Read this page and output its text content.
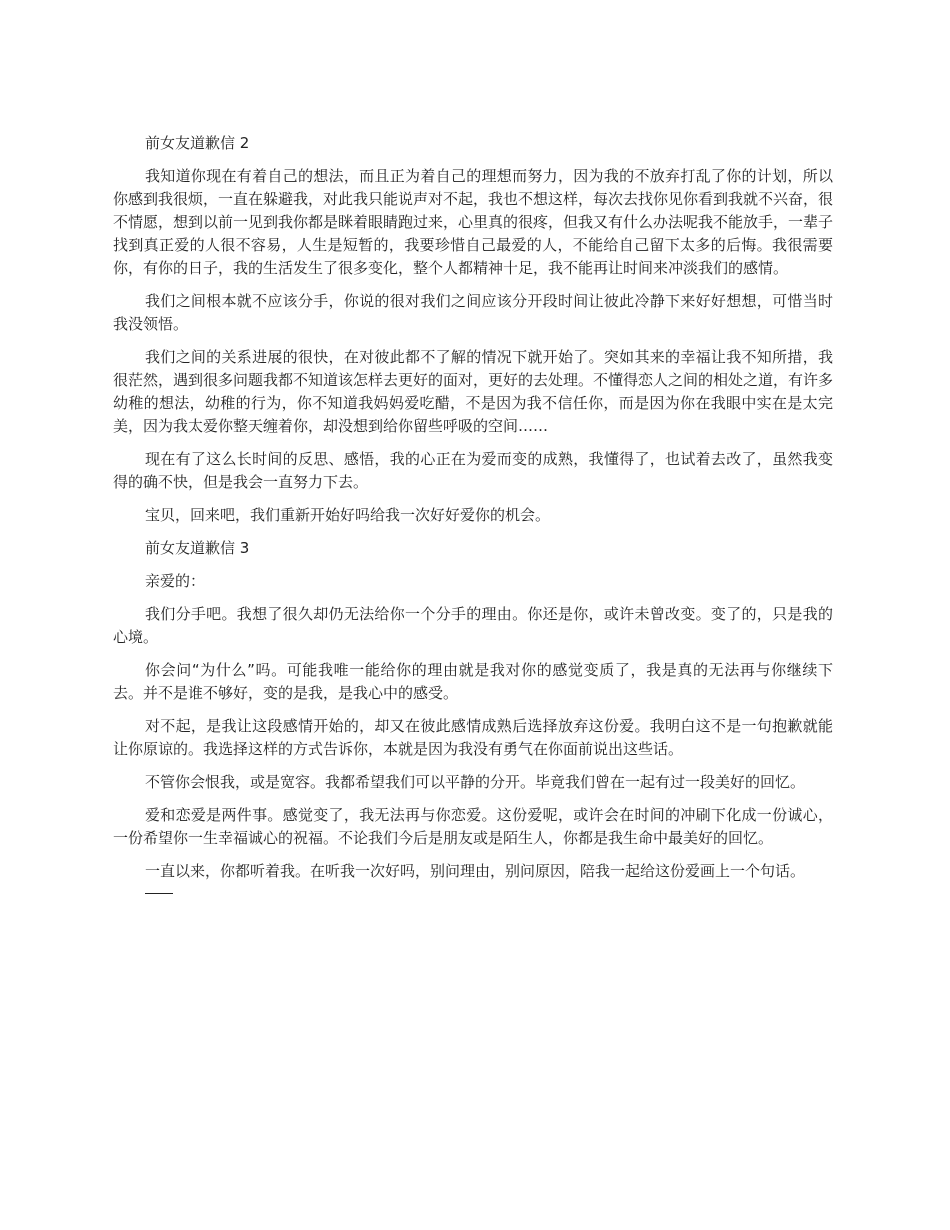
前女友道歉信 2

我知道你现在有着自己的想法，而且正为着自己的理想而努力，因为我的不放弃打乱了你的计划，所以你感到我很烦，一直在躲避我，对此我只能说声对不起，我也不想这样，每次去找你见你看到我就不兴奋，很不情愿，想到以前一见到我你都是眯着眼睛跑过来，心里真的很疼，但我又有什么办法呢我不能放手，一辈子找到真正爱的人很不容易，人生是短暂的，我要珍惜自己最爱的人，不能给自己留下太多的后悔。我很需要你，有你的日子，我的生活发生了很多变化，整个人都精神十足，我不能再让时间来冲淡我们的感情。

我们之间根本就不应该分手，你说的很对我们之间应该分开段时间让彼此冷静下来好好想想，可惜当时我没领悟。

我们之间的关系进展的很快，在对彼此都不了解的情况下就开始了。突如其来的幸福让我不知所措，我很茫然，遇到很多问题我都不知道该怎样去更好的面对，更好的去处理。不懂得恋人之间的相处之道，有许多幼稚的想法，幼稚的行为，你不知道我妈妈爱吃醋，不是因为我不信任你，而是因为你在我眼中实在是太完美，因为我太爱你整天缠着你，却没想到给你留些呼吸的空间……

现在有了这么长时间的反思、感悟，我的心正在为爱而变的成熟，我懂得了，也试着去改了，虽然我变得的确不快，但是我会一直努力下去。

宝贝，回来吧，我们重新开始好吗给我一次好好爱你的机会。

前女友道歉信 3

亲爱的：

我们分手吧。我想了很久却仍无法给你一个分手的理由。你还是你，或许未曾改变。变了的，只是我的心境。

你会问“为什么”吗。可能我唯一能给你的理由就是我对你的感觉变质了，我是真的无法再与你继续下去。并不是谁不够好，变的是我，是我心中的感受。

对不起，是我让这段感情开始的，却又在彼此感情成熟后选择放弃这份爱。我明白这不是一句抱歉就能让你原谅的。我选择这样的方式告诉你，本就是因为我没有勇气在你面前说出这些话。

不管你会恨我，或是宽容。我都希望我们可以平静的分开。毕竟我们曾在一起有过一段美好的回忆。

爱和恋爱是两件事。感觉变了，我无法再与你恋爱。这份爱呢，或许会在时间的冲刷下化成一份诚心，一份希望你一生幸福诚心的祝福。不论我们今后是朋友或是陌生人，你都是我生命中最美好的回忆。

一直以来，你都听着我。在听我一次好吗，别问理由，别问原因，陪我一起给这份爱画上一个句话。
